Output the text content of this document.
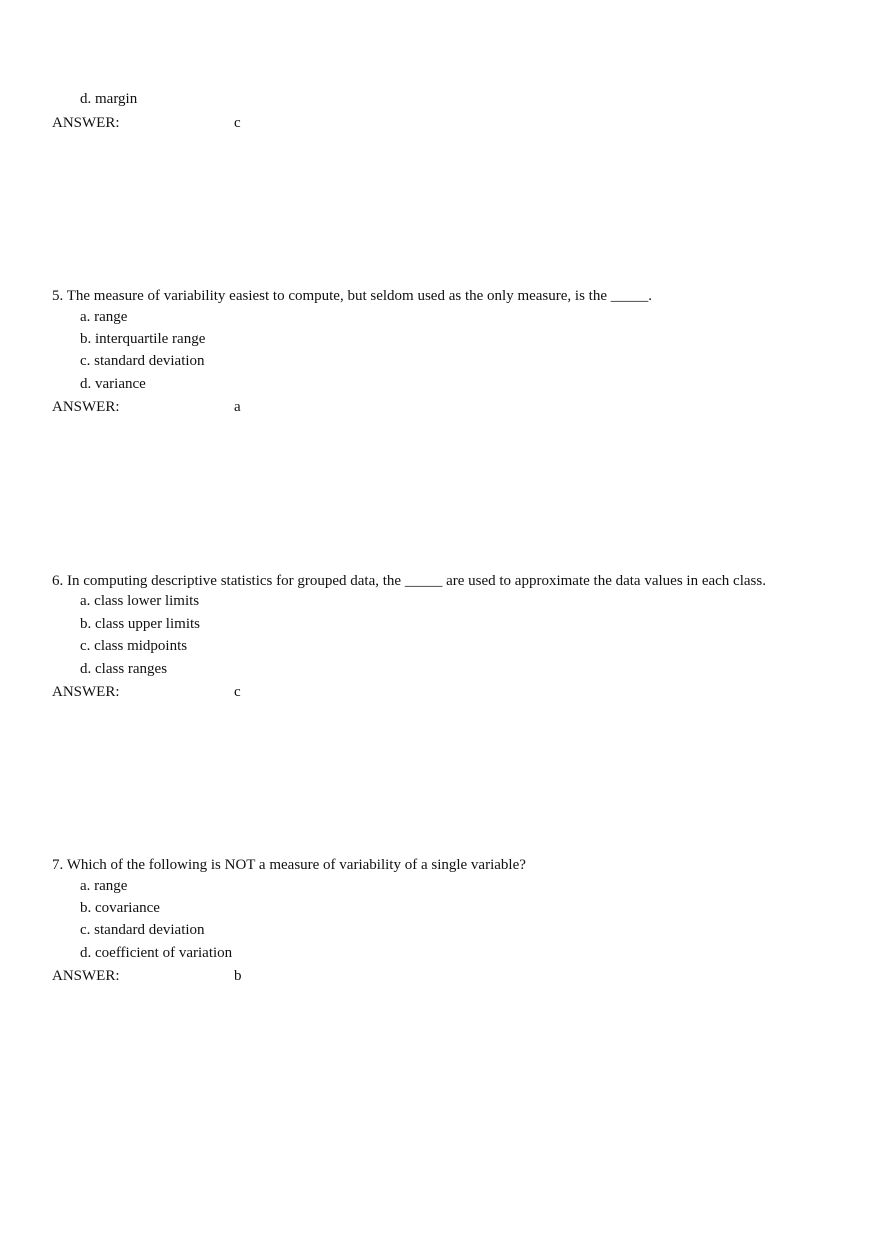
d. margin
ANSWER:	c
5. The measure of variability easiest to compute, but seldom used as the only measure, is the _____.
a. range
b. interquartile range
c. standard deviation
d. variance
ANSWER:	a
6. In computing descriptive statistics for grouped data, the _____ are used to approximate the data values in each class.
a. class lower limits
b. class upper limits
c. class midpoints
d. class ranges
ANSWER:	c
7. Which of the following is NOT a measure of variability of a single variable?
a. range
b. covariance
c. standard deviation
d. coefficient of variation
ANSWER:	b
